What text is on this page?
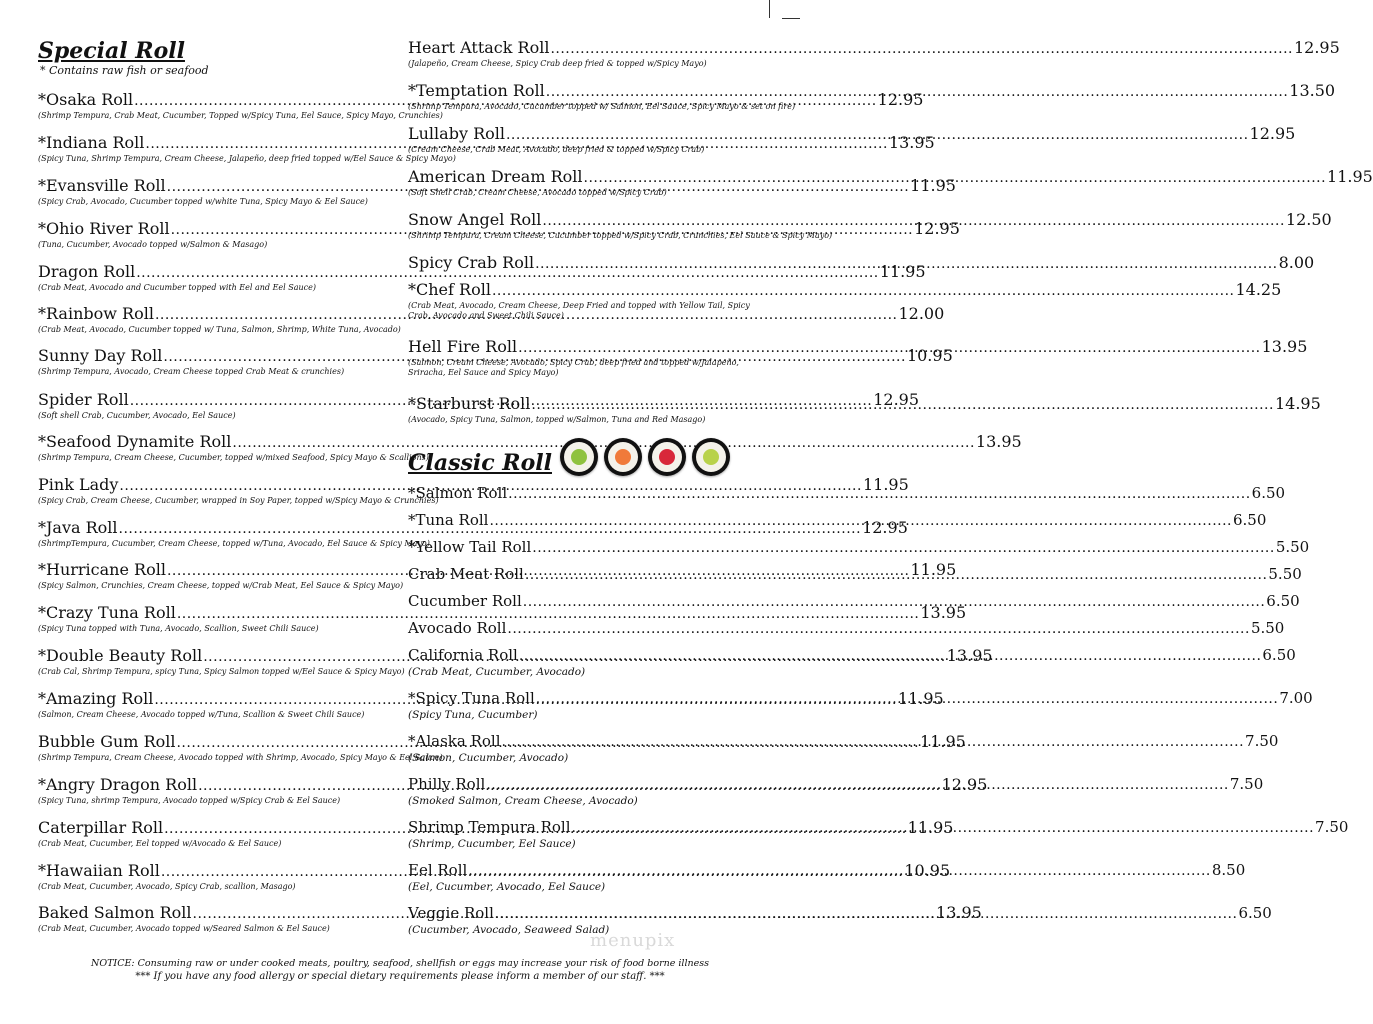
Special Roll
* Contains raw fish or seafood
*Osaka Roll .....	12.95
(Shrimp Tempura, Crab Meat, Cucumber, Topped w/Spicy Tuna, Eel Sauce, Spicy Mayo, Crunchies)
*Indiana Roll .....	13.95
(Spicy Tuna, Shrimp Tempura, Cream Cheese, Jalapeño, deep fried topped w/Eel Sauce & Spicy Mayo)
*Evansville Roll .....	11.95
(Spicy Crab, Avocado, Cucumber topped w/white Tuna, Spicy Mayo & Eel Sauce)
*Ohio River Roll .....	12.95
(Tuna, Cucumber, Avocado topped w/Salmon & Masago)
Dragon Roll .....	11.95
(Crab Meat, Avocado and Cucumber topped with Eel and Eel Sauce)
*Rainbow Roll .....	12.00
(Crab Meat, Avocado, Cucumber topped w/ Tuna, Salmon, Shrimp, White Tuna, Avocado)
Sunny Day Roll .....	10.95
(Shrimp Tempura, Avocado, Cream Cheese topped Crab Meat & crunchies)
Spider Roll .....	12.95
(Soft shell Crab, Cucumber, Avocado, Eel Sauce)
*Seafood Dynamite Roll .....	13.95
(Shrimp Tempura, Cream Cheese, Cucumber, topped w/mixed Seafood, Spicy Mayo & Scallions)
Pink Lady .....	11.95
(Spicy Crab, Cream Cheese, Cucumber, wrapped in Soy Paper, topped w/Spicy Mayo & Crunchies)
*Java Roll .....	12.95
(ShrimpTempura, Cucumber, Cream Cheese, topped w/Tuna, Avocado, Eel Sauce & Spicy Mayo)
*Hurricane Roll .....	11.95
(Spicy Salmon, Crunchies, Cream Cheese, topped w/Crab Meat, Eel Sauce & Spicy Mayo)
*Crazy Tuna Roll .....	13.95
(Spicy Tuna topped with Tuna, Avocado, Scallion, Sweet Chili Sauce)
*Double Beauty Roll .....	13.95
(Crab Cal, Shrimp Tempura, spicy Tuna, Spicy Salmon topped w/Eel Sauce & Spicy Mayo)
*Amazing Roll .....	11.95
(Salmon, Cream Cheese, Avocado topped w/Tuna, Scallion & Sweet Chili Sauce)
Bubble Gum Roll .....	11.95
(Shrimp Tempura, Cream Cheese, Avocado topped with Shrimp, Avocado, Spicy Mayo & Eel Sauce)
*Angry Dragon Roll .....	12.95
(Spicy Tuna, shrimp Tempura, Avocado topped w/Spicy Crab & Eel Sauce)
Caterpillar Roll .....	11.95
(Crab Meat, Cucumber, Eel topped w/Avocado & Eel Sauce)
*Hawaiian Roll .....	10.95
(Crab Meat, Cucumber, Avocado, Spicy Crab, scallion, Masago)
Baked Salmon Roll .....	13.95
(Crab Meat, Cucumber, Avocado topped w/Seared Salmon & Eel Sauce)
Heart Attack Roll .....	12.95
(Jalapeño, Cream Cheese, Spicy Crab deep fried & topped w/Spicy Mayo)
*Temptation Roll .....	13.50
(Shrimp Tempura, Avocado, Cucumber topped w/ Salmon, Eel Sauce, Spicy Mayo & set on fire)
Lullaby Roll .....	12.95
(Cream Cheese, Crab Meat, Avocado, deep fried & topped w/Spicy Crab)
American Dream Roll .....	11.95
(Soft Shell Crab, Cream Cheese, Avocado topped w/Spicy Crab)
Snow Angel Roll .....	12.50
(Shrimp Tempura, Cream Cheese, Cucumber topped w/Spicy Crab, Crunchies, Eel Sauce & Spicy Mayo)
Spicy Crab Roll .....	8.00
*Chef Roll .....	14.25
(Crab Meat, Avocado, Cream Cheese, Deep Fried and topped with Yellow Tail, Spicy Crab, Avocado and Sweet Chili Sauce)
Hell Fire Roll .....	13.95
(Salmon, Cream Cheese, Avocado, Spicy Crab, deep fried and topped w/Jalapeño, Sriracha, Eel Sauce and Spicy Mayo)
*Starburst Roll .....	14.95
(Avocado, Spicy Tuna, Salmon, topped w/Salmon, Tuna and Red Masago)
Classic Roll
*Salmon Roll .....	6.50
*Tuna Roll .....	6.50
*Yellow Tail Roll .....	5.50
Crab Meat Roll .....	5.50
Cucumber Roll .....	6.50
Avocado Roll .....	5.50
California Roll .....	6.50
(Crab Meat, Cucumber, Avocado)
*Spicy Tuna Roll .....	7.00
(Spicy Tuna, Cucumber)
*Alaska Roll .....	7.50
(Salmon, Cucumber, Avocado)
Philly Roll .....	7.50
(Smoked Salmon, Cream Cheese, Avocado)
Shrimp Tempura Roll .....	7.50
(Shrimp, Cucumber, Eel Sauce)
Eel Roll .....	8.50
(Eel, Cucumber, Avocado, Eel Sauce)
Veggie Roll .....	6.50
(Cucumber, Avocado, Seaweed Salad)
menupix
NOTICE: Consuming raw or under cooked meats, poultry, seafood, shellfish or eggs may increase your risk of food borne illness
*** If you have any food allergy or special dietary requirements please inform a member of our staff. ***
